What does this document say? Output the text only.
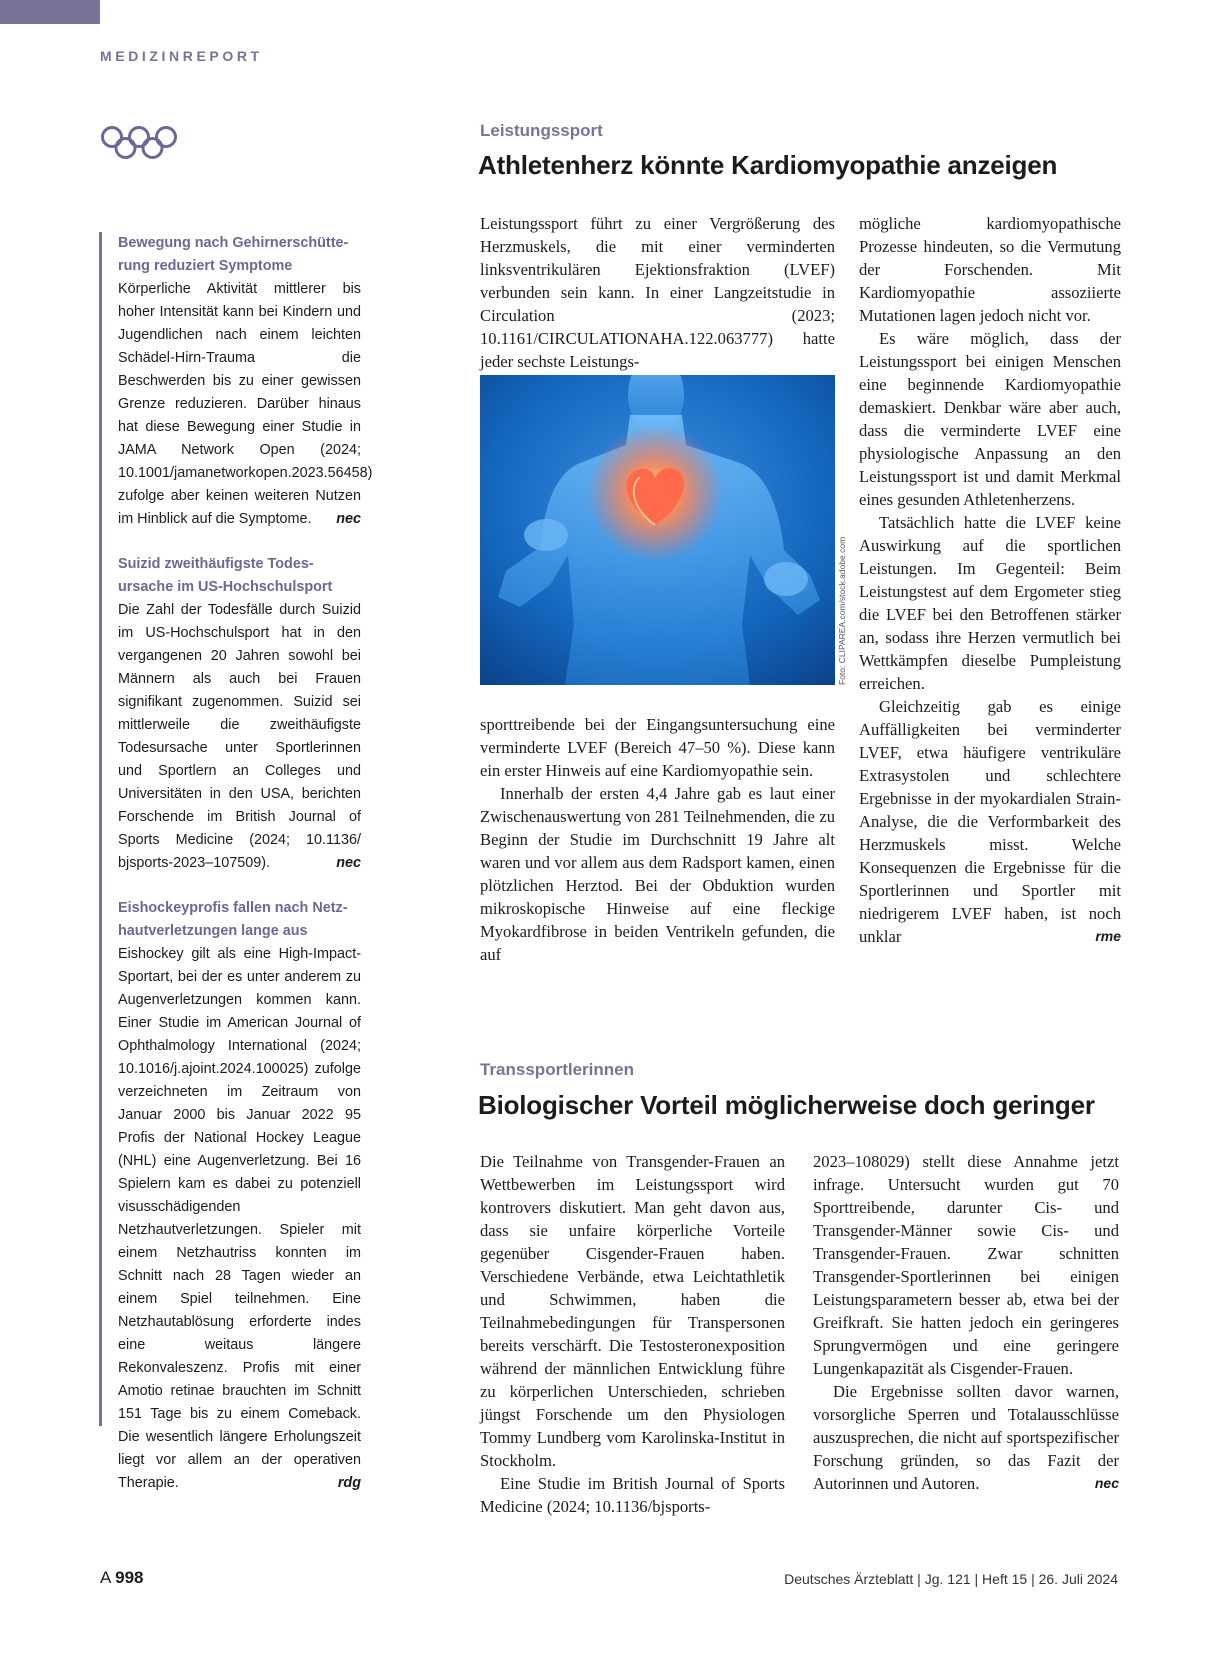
MEDIZINREPORT
Bewegung nach Gehirnerschütte-rung reduziert Symptome
Körperliche Aktivität mittlerer bis hoher Intensität kann bei Kindern und Jugendlichen nach einem leichten Schädel-Hirn-Trauma die Beschwerden bis zu einer gewissen Grenze reduzieren. Darüber hinaus hat diese Bewegung einer Studie in JAMA Network Open (2024; 10.1001/jamanetworkopen.2023.56458) zufolge aber keinen weiteren Nutzen im Hinblick auf die Symptome. nec
Suizid zweithäufigste Todes-ursache im US-Hochschulsport
Die Zahl der Todesfälle durch Suizid im US-Hochschulsport hat in den vergangenen 20 Jahren sowohl bei Männern als auch bei Frauen signifikant zugenommen. Suizid sei mittlerweile die zweithäufigste Todesursache unter Sportlerinnen und Sportlern an Colleges und Universitäten in den USA, berichten Forschende im British Journal of Sports Medicine (2024; 10.1136/ bjsports-2023–107509).	nec
Eishockeyprofis fallen nach Netz-hautverletzungen lange aus
Eishockey gilt als eine High-Impact-Sportart, bei der es unter anderem zu Augenverletzungen kommen kann. Einer Studie im American Journal of Ophthalmology International (2024; 10.1016/j.ajoint.2024.100025) zufolge verzeichneten im Zeitraum von Januar 2000 bis Januar 2022 95 Profis der National Hockey League (NHL) eine Augenverletzung. Bei 16 Spielern kam es dabei zu potenziell visusschädigenden Netzhautverletzungen. Spieler mit einem Netzhautriss konnten im Schnitt nach 28 Tagen wieder an einem Spiel teilnehmen. Eine Netzhautablösung erforderte indes eine weitaus längere Rekonvaleszenz. Profis mit einer Amotio retinae brauchten im Schnitt 151 Tage bis zu einem Comeback. Die wesentlich längere Erholungszeit liegt vor allem an der operativen Therapie.	rdg
Leistungssport
Athletenherz könnte Kardiomyopathie anzeigen

Leistungssport führt zu einer Vergrößerung des Herzmuskels, die mit einer verminderten linksventrikulären Ejektionsfraktion (LVEF) verbunden sein kann. In einer Langzeitstudie in Circulation (2023; 10.1161/CIRCULATIONAHA.122.063777) hatte jeder sechste Leistungs-

Foto: CLIPAREA.com/stock.adobe.com

sporttreibende bei der Eingangsuntersuchung eine verminderte LVEF (Bereich 47–50 %). Diese kann ein erster Hinweis auf eine Kardiomyopathie sein.

Innerhalb der ersten 4,4 Jahre gab es laut einer Zwischenauswertung von 281 Teilnehmenden, die zu Beginn der Studie im Durchschnitt 19 Jahre alt waren und vor allem aus dem Radsport kamen, einen plötzlichen Herztod. Bei der Obduktion wurden mikroskopische Hinweise auf eine fleckige Myokardfibrose in beiden Ventrikeln gefunden, die auf

mögliche kardiomyopathische Prozesse hindeuten, so die Vermutung der Forschenden. Mit Kardiomyopathie assoziierte Mutationen lagen jedoch nicht vor.

Es wäre möglich, dass der Leistungssport bei einigen Menschen eine beginnende Kardiomyopathie demaskiert. Denkbar wäre aber auch, dass die verminderte LVEF eine physiologische Anpassung an den Leistungssport ist und damit Merkmal eines gesunden Athletenherzens.

Tatsächlich hatte die LVEF keine Auswirkung auf die sportlichen Leistungen. Im Gegenteil: Beim Leistungstest auf dem Ergometer stieg die LVEF bei den Betroffenen stärker an, sodass ihre Herzen vermutlich bei Wettkämpfen dieselbe Pumpleistung erreichen.

Gleichzeitig gab es einige Auffälligkeiten bei verminderter LVEF, etwa häufigere ventrikuläre Extrasystolen und schlechtere Ergebnisse in der myokardialen Strain-Analyse, die die Verformbarkeit des Herzmuskels misst. Welche Konsequenzen die Ergebnisse für die Sportlerinnen und Sportler mit niedrigerem LVEF haben, ist noch unklar	rme

Transsportlerinnen
Biologischer Vorteil möglicherweise doch geringer

Die Teilnahme von Transgender-Frauen an Wettbewerben im Leistungssport wird kontrovers diskutiert. Man geht davon aus, dass sie unfaire körperliche Vorteile gegenüber Cisgender-Frauen haben. Verschiedene Verbände, etwa Leichtathletik und Schwimmen, haben die Teilnahmebedingungen für Transpersonen bereits verschärft. Die Testosteronexposition während der männlichen Entwicklung führe zu körperlichen Unterschieden, schrieben jüngst Forschende um den Physiologen Tommy Lundberg vom Karolinska-Institut in Stockholm.

Eine Studie im British Journal of Sports Medicine (2024; 10.1136/bjsports-

2023–108029) stellt diese Annahme jetzt infrage. Untersucht wurden gut 70 Sporttreibende, darunter Cis- und Transgender-Männer sowie Cis- und Transgender-Frauen. Zwar schnitten Transgender-Sportlerinnen bei einigen Leistungsparametern besser ab, etwa bei der Greifkraft. Sie hatten jedoch ein geringeres Sprungvermögen und eine geringere Lungenkapazität als Cisgender-Frauen.

Die Ergebnisse sollten davor warnen, vorsorgliche Sperren und Totalausschlüsse auszusprechen, die nicht auf sportspezifischer Forschung gründen, so das Fazit der Autorinnen und Autoren.	nec

A 998	Deutsches Ärzteblatt | Jg. 121 | Heft 15 | 26. Juli 2024
